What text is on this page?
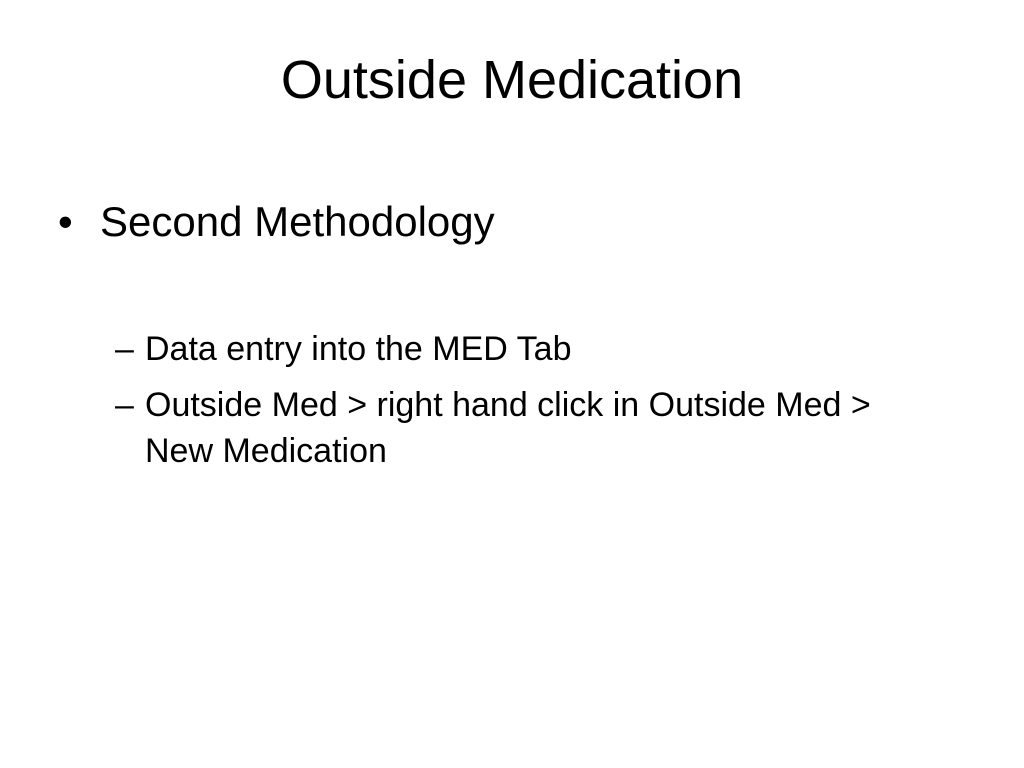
Outside Medication
• Second Methodology
– Data entry into the MED Tab
– Outside Med > right hand click in Outside Med > New Medication
